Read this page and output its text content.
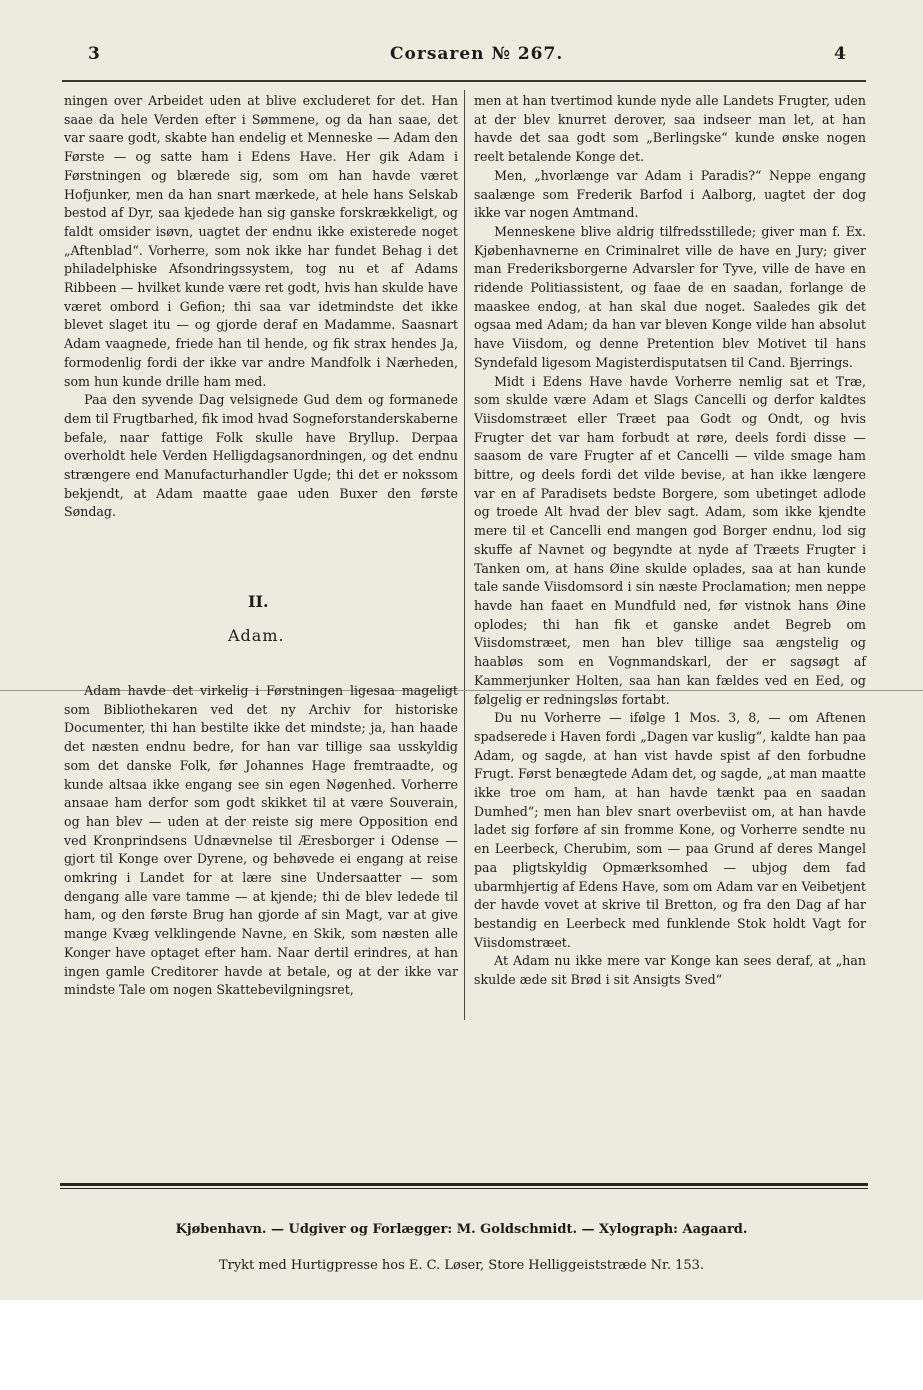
3	Corsaren № 267.	4

ningen over Arbeidet uden at blive excluderet for det. Han saae da hele Verden efter i Sømmene, og da han saae, det var saare godt, skabte han endelig et Menneske — Adam den Første — og satte ham i Edens Have. Her gik Adam i Førstningen og blærede sig, som om han havde været Hofjunker, men da han snart mærkede, at hele hans Selskab bestod af Dyr, saa kjedede han sig ganske forskrækkeligt, og faldt omsider isøvn, uagtet der endnu ikke existerede noget „Aftenblad“. Vorherre, som nok ikke har fundet Behag i det philadelphiske Afsondringssystem, tog nu et af Adams Ribbeen — hvilket kunde være ret godt, hvis han skulde have været ombord i Gefion; thi saa var idetmindste det ikke blevet slaget itu — og gjorde deraf en Madamme. Saasnart Adam vaagnede, friede han til hende, og fik strax hendes Ja, formodenlig fordi der ikke var andre Mandfolk i Nærheden, som hun kunde drille ham med.

Paa den syvende Dag velsignede Gud dem og formanede dem til Frugtbarhed, fik imod hvad Sogneforstanderskaberne befale, naar fattige Folk skulle have Bryllup. Derpaa overholdt hele Verden Helligdagsanordningen, og det endnu strængere end Manufacturhandler Ugde; thi det er nokssom bekjendt, at Adam maatte gaae uden Buxer den første Søndag.

II.
Adam.

Adam havde det virkelig i Førstningen ligesaa mageligt som Bibliothekaren ved det ny Archiv for historiske Documenter, thi han bestilte ikke det mindste; ja, han haade det næsten endnu bedre, for han var tillige saa usskyldig som det danske Folk, før Johannes Hage fremtraadte, og kunde altsaa ikke engang see sin egen Nøgenhed. Vorherre ansaae ham derfor som godt skikket til at være Souverain, og han blev — uden at der reiste sig mere Opposition end ved Kronprindsens Udnævnelse til Æresborger i Odense — gjort til Konge over Dyrene, og behøvede ei engang at reise omkring i Landet for at lære sine Undersaatter — som dengang alle vare tamme — at kjende; thi de blev ledede til ham, og den første Brug han gjorde af sin Magt, var at give mange Kvæg velklingende Navne, en Skik, som næsten alle Konger have optaget efter ham. Naar dertil erindres, at han ingen gamle Creditorer havde at betale, og at der ikke var mindste Tale om nogen Skattebevilgningsret,

men at han tvertimod kunde nyde alle Landets Frugter, uden at der blev knurret derover, saa indseer man let, at han havde det saa godt som „Berlingske“ kunde ønske nogen reelt betalende Konge det.

Men, „hvorlænge var Adam i Paradis?“ Neppe engang saalænge som Frederik Barfod i Aalborg, uagtet der dog ikke var nogen Amtmand.

Menneskene blive aldrig tilfredsstillede; giver man f. Ex. Kjøbenhavnerne en Criminalret ville de have en Jury; giver man Frederiksborgerne Advarsler for Tyve, ville de have en ridende Politiassistent, og faae de en saadan, forlange de maaskee endog, at han skal due noget. Saaledes gik det ogsaa med Adam; da han var bleven Konge vilde han absolut have Viisdom, og denne Pretention blev Motivet til hans Syndefald ligesom Magisterdisputatsen til Cand. Bjerrings.

Midt i Edens Have havde Vorherre nemlig sat et Træ, som skulde være Adam et Slags Cancelli og derfor kaldtes Viisdomstræet eller Træet paa Godt og Ondt, og hvis Frugter det var ham forbudt at røre, deels fordi disse — saasom de vare Frugter af et Cancelli — vilde smage ham bittre, og deels fordi det vilde bevise, at han ikke længere var en af Paradisets bedste Borgere, som ubetinget adlode og troede Alt hvad der blev sagt. Adam, som ikke kjendte mere til et Cancelli end mangen god Borger endnu, lod sig skuffe af Navnet og begyndte at nyde af Træets Frugter i Tanken om, at hans Øine skulde oplades, saa at han kunde tale sande Viisdomsord i sin næste Proclamation; men neppe havde han faaet en Mundfuld ned, før vistnok hans Øine oplodes; thi han fik et ganske andet Begreb om Viisdomstræet, men han blev tillige saa ængstelig og haabløs som en Vognmandskarl, der er sagsøgt af Kammerjunker Holten, saa han kan fældes ved en Eed, og følgelig er redningsløs fortabt.

Du nu Vorherre — ifølge 1 Mos. 3, 8, — om Aftenen spadserede i Haven fordi „Dagen var kuslig“, kaldte han paa Adam, og sagde, at han vist havde spist af den forbudne Frugt. Først benægtede Adam det, og sagde, „at man maatte ikke troe om ham, at han havde tænkt paa en saadan Dumhed“; men han blev snart overbeviist om, at han havde ladet sig forføre af sin fromme Kone, og Vorherre sendte nu en Leerbeck, Cherubim, som — paa Grund af deres Mangel paa pligtskyldig Opmærksomhed — ubjog dem fad ubarmhjertig af Edens Have, som om Adam var en Veibetjent der havde vovet at skrive til Bretton, og fra den Dag af har bestandig en Leerbeck med funklende Stok holdt Vagt for Viisdomstræet.

At Adam nu ikke mere var Konge kan sees deraf, at „han skulde æde sit Brød i sit Ansigts Sved“

Kjøbenhavn. — Udgiver og Forlægger: M. Goldschmidt. — Xylograph: Aagaard.
Trykt med Hurtigpresse hos E. C. Løser, Store Helliggeiststræde Nr. 153.
